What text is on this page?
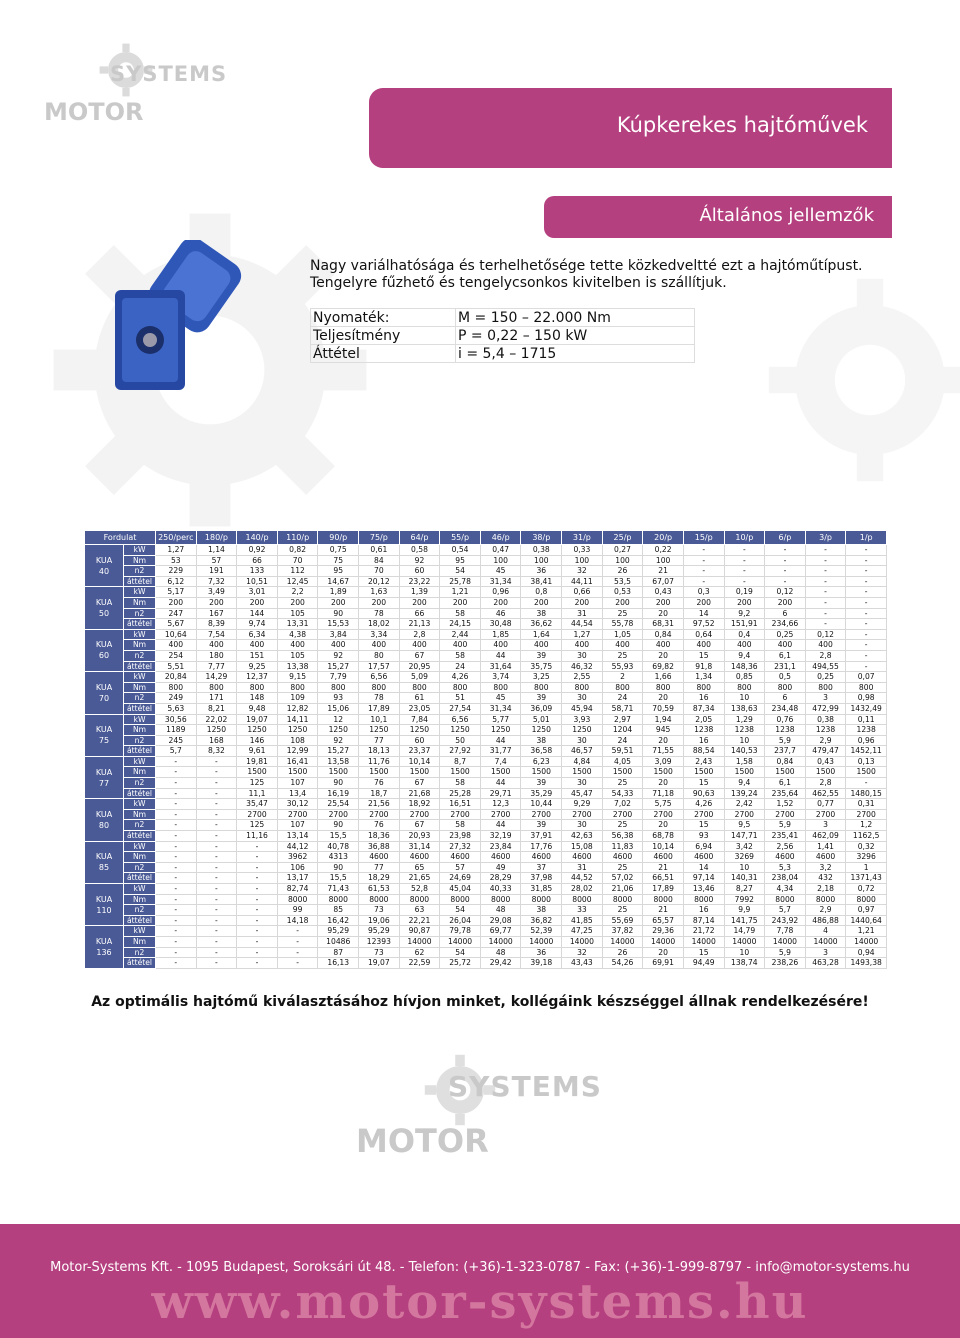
SYSTEMS
MOTOR	Kúpkerekes hajtóművek
Általános jellemzők
Nagy variálhatósága és terhelhetősége tette közkedveltté ezt a hajtóműtípust.
Tengelyre fűzhető és tengelycsonkos kivitelben is szállítjuk.
Nyomaték:	M = 150 – 22.000 Nm
Teljesítmény	P = 0,22 – 150 kW
Áttétel	i = 5,4 – 1715
Fordulat		250/perc	180/p	140/p	110/p	90/p	75/p	64/p	55/p	46/p	38/p	31/p	25/p	20/p	15/p	10/p	6/p	3/p	1/p

KUA
40	kW	1,27	1,14	0,92	0,82	0,75	0,61	0,58	0,54	0,47	0,38	0,33	0,27	0,22	-	-	-	-	-
	Nm	53	57	66	70	75	84	92	95	100	100	100	100	100	-	-	-	-	-
	n2	229	191	133	112	95	70	60	54	45	36	32	26	21	-	-	-	-	-
	áttétel	6,12	7,32	10,51	12,45	14,67	20,12	23,22	25,78	31,34	38,41	44,11	53,5	67,07	-	-	-	-	-

KUA
50	kW	5,17	3,49	3,01	2,2	1,89	1,63	1,39	1,21	0,96	0,8	0,66	0,53	0,43	0,3	0,19	0,12	-	-
	Nm	200	200	200	200	200	200	200	200	200	200	200	200	200	200	200	200	-	-
	n2	247	167	144	105	90	78	66	58	46	38	31	25	20	14	9,2	6	-	-
	áttétel	5,67	8,39	9,74	13,31	15,53	18,02	21,13	24,15	30,48	36,62	44,54	55,78	68,31	97,52	151,91	234,66	-	-

KUA
60	kW	10,64	7,54	6,34	4,38	3,84	3,34	2,8	2,44	1,85	1,64	1,27	1,05	0,84	0,64	0,4	0,25	0,12	-
	Nm	400	400	400	400	400	400	400	400	400	400	400	400	400	400	400	400	400	-
	n2	254	180	151	105	92	80	67	58	44	39	30	25	20	15	9,4	6,1	2,8	-
	áttétel	5,51	7,77	9,25	13,38	15,27	17,57	20,95	24	31,64	35,75	46,32	55,93	69,82	91,8	148,36	231,1	494,55	-

KUA
70	kW	20,84	14,29	12,37	9,15	7,79	6,56	5,09	4,26	3,74	3,25	2,55	2	1,66	1,34	0,85	0,5	0,25	0,07
	Nm	800	800	800	800	800	800	800	800	800	800	800	800	800	800	800	800	800	800
	n2	249	171	148	109	93	78	61	51	45	39	30	24	20	16	10	6	3	0,98
	áttétel	5,63	8,21	9,48	12,82	15,06	17,89	23,05	27,54	31,34	36,09	45,94	58,71	70,59	87,34	138,63	234,48	472,99	1432,49

KUA
75	kW	30,56	22,02	19,07	14,11	12	10,1	7,84	6,56	5,77	5,01	3,93	2,97	1,94	2,05	1,29	0,76	0,38	0,11
	Nm	1189	1250	1250	1250	1250	1250	1250	1250	1250	1250	1250	1204	945	1238	1238	1238	1238	1238
	n2	245	168	146	108	92	77	60	50	44	38	30	24	20	16	10	5,9	2,9	0,96
	áttétel	5,7	8,32	9,61	12,99	15,27	18,13	23,37	27,92	31,77	36,58	46,57	59,51	71,55	88,54	140,53	237,7	479,47	1452,11

KUA
77	kW	-	-	19,81	16,41	13,58	11,76	10,14	8,7	7,4	6,23	4,84	4,05	3,09	2,43	1,58	0,84	0,43	0,13
	Nm	-	-	1500	1500	1500	1500	1500	1500	1500	1500	1500	1500	1500	1500	1500	1500	1500	1500
	n2	-	-	125	107	90	76	67	58	44	39	30	25	20	15	9,4	6,1	2,8	-
	áttétel	-	-	11,1	13,4	16,19	18,7	21,68	25,28	29,71	35,29	45,47	54,33	71,18	90,63	139,24	235,64	462,55	1480,15

KUA
80	kW	-	-	35,47	30,12	25,54	21,56	18,92	16,51	12,3	10,44	9,29	7,02	5,75	4,26	2,42	1,52	0,77	0,31
	Nm	-	-	2700	2700	2700	2700	2700	2700	2700	2700	2700	2700	2700	2700	2700	2700	2700	2700
	n2	-	-	125	107	90	76	67	58	44	39	30	25	20	15	9,5	5,9	3	1,2
	áttétel	-	-	11,16	13,14	15,5	18,36	20,93	23,98	32,19	37,91	42,63	56,38	68,78	93	147,71	235,41	462,09	1162,5

KUA
85	kW	-	-	-	44,12	40,78	36,88	31,14	27,32	23,84	17,76	15,08	11,83	10,14	6,94	3,42	2,56	1,41	0,32
	Nm	-	-	-	3962	4313	4600	4600	4600	4600	4600	4600	4600	4600	4600	3269	4600	4600	3296
	n2	-	-	-	106	90	77	65	57	49	37	31	25	21	14	10	5,3	3,2	1
	áttétel	-	-	-	13,17	15,5	18,29	21,65	24,69	28,29	37,98	44,52	57,02	66,51	97,14	140,31	238,04	432	1371,43

KUA
110	kW	-	-	-	82,74	71,43	61,53	52,8	45,04	40,33	31,85	28,02	21,06	17,89	13,46	8,27	4,34	2,18	0,72
	Nm	-	-	-	8000	8000	8000	8000	8000	8000	8000	8000	8000	8000	8000	7992	8000	8000	8000
	n2	-	-	-	99	85	73	63	54	48	38	33	25	21	16	9,9	5,7	2,9	0,97
	áttétel	-	-	-	14,18	16,42	19,06	22,21	26,04	29,08	36,82	41,85	55,69	65,57	87,14	141,75	243,92	486,88	1440,64

KUA
136	kW	-	-	-	-	95,29	95,29	90,87	79,78	69,77	52,39	47,25	37,82	29,36	21,72	14,79	7,78	4	1,21
	Nm	-	-	-	-	10486	12393	14000	14000	14000	14000	14000	14000	14000	14000	14000	14000	14000	14000
	n2	-	-	-	-	87	73	62	54	48	36	32	26	20	15	10	5,9	3	0,94
	áttétel	-	-	-	-	16,13	19,07	22,59	25,72	29,42	39,18	43,43	54,26	69,91	94,49	138,74	238,26	463,28	1493,38
Az optimális hajtómű kiválasztásához hívjon minket, kollégáink készséggel állnak rendelkezésére!
SYSTEMS
MOTOR
Motor-Systems Kft. - 1095 Budapest, Soroksári út 48. - Telefon: (+36)-1-323-0787 - Fax: (+36)-1-999-8797 - info@motor-systems.hu
www.motor-systems.hu
